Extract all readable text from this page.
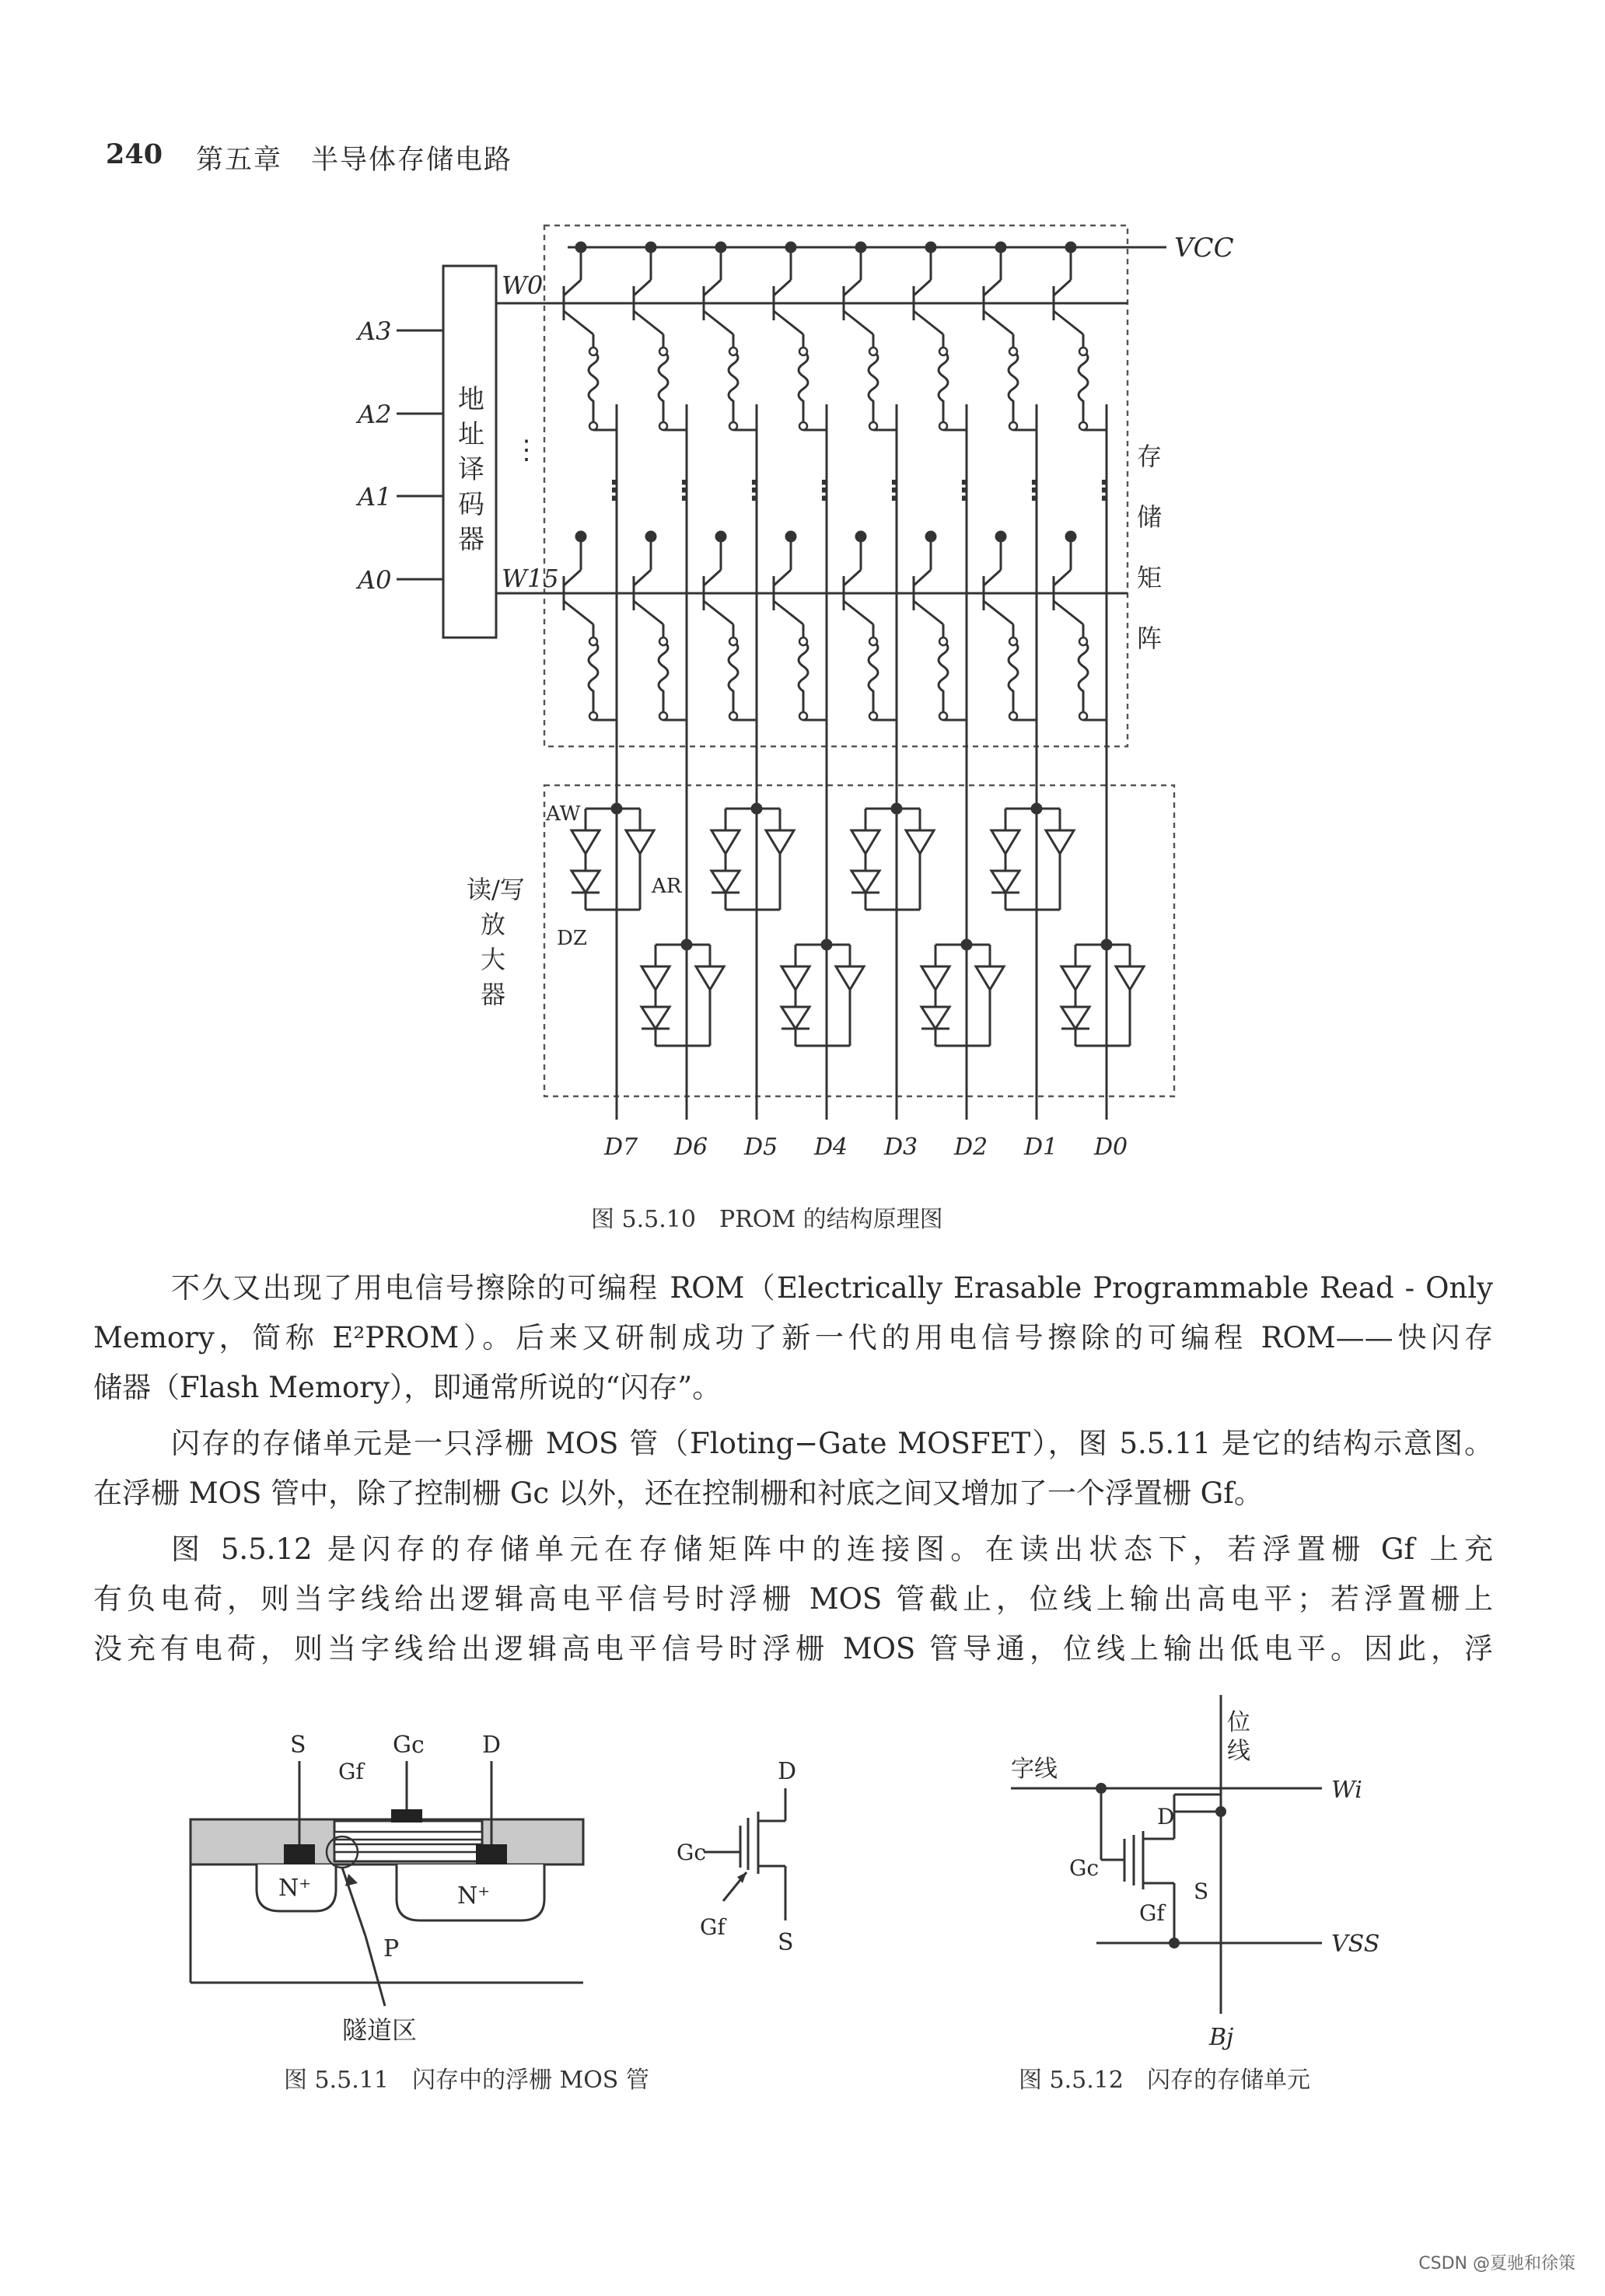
240 第五章　半导体存储电路
VCC
地
址
译
码
器
A3
A2
A1
A0
W0
W15
⋮	存
储
矩
阵
⋮ ⋮ ⋮ ⋮ ⋮ ⋮ ⋮ ⋮
读/写
放
大
器
AW
AR
DZ
D7 D6 D5 D4 D3 D2 D1 D0
图 5.5.10　PROM 的结构原理图
不久又出现了用电信号擦除的可编程 ROM（Electrically Erasable Programmable Read - Only
Memory，简称 E²PROM）。后来又研制成功了新一代的用电信号擦除的可编程 ROM——快闪存
储器（Flash Memory），即通常所说的“闪存”。
闪存的存储单元是一只浮栅 MOS 管（Floting−Gate MOSFET），图 5.5.11 是它的结构示意图。
在浮栅 MOS 管中，除了控制栅 Gc 以外，还在控制栅和衬底之间又增加了一个浮置栅 Gf。
图 5.5.12 是闪存的存储单元在存储矩阵中的连接图。在读出状态下，若浮置栅 Gf 上充
有负电荷，则当字线给出逻辑高电平信号时浮栅 MOS 管截止，位线上输出高电平；若浮置栅上
没充有电荷，则当字线给出逻辑高电平信号时浮栅 MOS 管导通，位线上输出低电平。因此，浮
S	Gc D
Gf
N⁺	N⁺
P
隧道区
D
Gc
Gf
S
图 5.5.11　闪存中的浮栅 MOS 管
位
线
字线
Wi
D
Gc
Gf
S
VSS
Bj
图 5.5.12　闪存的存储单元
CSDN @夏驰和徐策
